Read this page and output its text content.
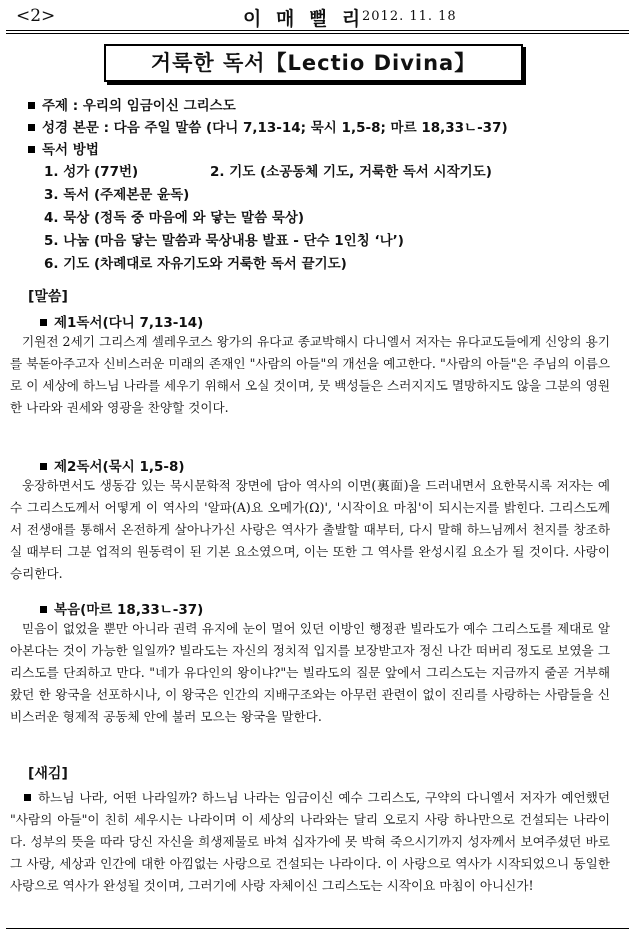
<2>	이 매 뻘 리
2012. 11. 18
거룩한 독서【Lectio Divina】
주제 : 우리의 임금이신 그리스도
성경 본문 : 다음 주일 말씀 (다니 7,13-14; 묵시 1,5-8; 마르 18,33ㄴ-37)
독서 방법
1. 성가 (77번)	2. 기도 (소공동체 기도, 거룩한 독서 시작기도)
3. 독서 (주제본문 윤독)
4. 묵상 (정독 중 마음에 와 닿는 말씀 묵상)
5. 나눔 (마음 닿는 말씀과 묵상내용 발표 - 단수 1인칭 ‘나’)
6. 기도 (차례대로 자유기도와 거룩한 독서 끝기도)
[말씀]
제1독서(다니 7,13-14)
기원전 2세기 그리스계 셀레우코스 왕가의 유다교 종교박해시 다니엘서 저자는 유다교도들에게 신앙의 용기를 북돋아주고자 신비스러운 미래의 존재인 "사람의 아들"의 개선을 예고한다. "사람의 아들"은 주님의 이름으로 이 세상에 하느님 나라를 세우기 위해서 오실 것이며, 뭇 백성들은 스러지지도 멸망하지도 않을 그분의 영원한 나라와 권세와 영광을 찬양할 것이다.
제2독서(묵시 1,5-8)
웅장하면서도 생동감 있는 묵시문학적 장면에 담아 역사의 이면(裏面)을 드러내면서 요한묵시록 저자는 예수 그리스도께서 어떻게 이 역사의 '알파(A)요 오메가(Ω)', '시작이요 마침'이 되시는지를 밝힌다. 그리스도께서 전생애를 통해서 온전하게 살아나가신 사랑은 역사가 출발할 때부터, 다시 말해 하느님께서 천지를 창조하실 때부터 그분 업적의 원동력이 된 기본 요소였으며, 이는 또한 그 역사를 완성시킬 요소가 될 것이다. 사랑이 승리한다.
복음(마르 18,33ㄴ-37)
믿음이 없었을 뿐만 아니라 권력 유지에 눈이 멀어 있던 이방인 행정관 빌라도가 예수 그리스도를 제대로 알아본다는 것이 가능한 일일까? 빌라도는 자신의 정치적 입지를 보장받고자 정신 나간 떠버리 정도로 보였을 그리스도를 단죄하고 만다. "네가 유다인의 왕이냐?"는 빌라도의 질문 앞에서 그리스도는 지금까지 줄곧 거부해 왔던 한 왕국을 선포하시나, 이 왕국은 인간의 지배구조와는 아무런 관련이 없이 진리를 사랑하는 사람들을 신비스러운 형제적 공동체 안에 불러 모으는 왕국을 말한다.
[새김]
하느님 나라, 어떤 나라일까? 하느님 나라는 임금이신 예수 그리스도, 구약의 다니엘서 저자가 예언했던 "사람의 아들"이 친히 세우시는 나라이며 이 세상의 나라와는 달리 오로지 사랑 하나만으로 건설되는 나라이다. 성부의 뜻을 따라 당신 자신을 희생제물로 바쳐 십자가에 못 박혀 죽으시기까지 성자께서 보여주셨던 바로 그 사랑, 세상과 인간에 대한 아낌없는 사랑으로 건설되는 나라이다. 이 사랑으로 역사가 시작되었으니 동일한 사랑으로 역사가 완성될 것이며, 그러기에 사랑 자체이신 그리스도는 시작이요 마침이 아니신가!
